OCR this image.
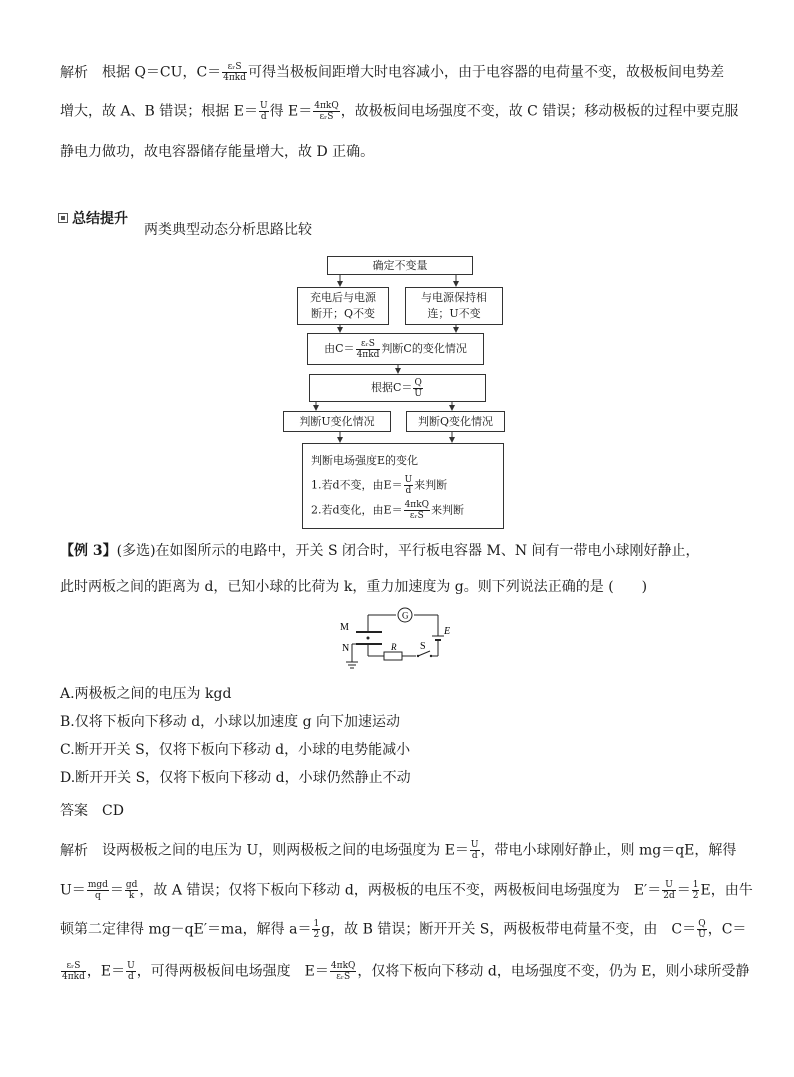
解析 根据 Q＝CU，$C= \frac{\text{εᵣS}}{\text{4πkd}}$ 可得当极板间距增大时电容减小，由于电容器的电荷量不变，故极板间电势差
增大，故 A、B 错误；根据 $E= \frac{U}{d}$ 得 $E= \frac{\text{4πkQ}}{\text{εᵣS}}$ ，故极板间电场强度不变，故 C 错误；移动极板的过程中要克服
静电力做功，故电容器储存能量增大，故 D 正确。
总结提升
两类典型动态分析思路比较
确定不变量
充电后与电源
断开；Q不变
与电源保持相
连；U不变
由$C= \frac{\text{εᵣS}}{\text{4πkd}}$ 判断C的变化情况
根据$C= \frac{Q}{U}$
判断U变化情况	判断Q变化情况
判断电场强度E的变化
1.若d不变，由$E= \frac{U}{d}$ 来判断
2.若d变化，由$E= \frac{\text{4πkQ}}{\text{εᵣS}}$ 来判断
【例 3】(多选)在如图所示的电路中，开关 S 闭合时，平行板电容器 M、N 间有一带电小球刚好静止，
此时两板之间的距离为 d，已知小球的比荷为 k，重力加速度为 g。则下列说法正确的是 (　　)
M
N
G
E
R S
A.两极板之间的电压为 kgd
B.仅将下板向下移动 d，小球以加速度 g 向下加速运动
C.断开开关 S，仅将下板向下移动 d，小球的电势能减小
D.断开开关 S，仅将下板向下移动 d，小球仍然静止不动
答案 CD
解析 设两极板之间的电压为 U，则两极板之间的电场强度为 $E= \frac{U}{d}$ ，带电小球刚好静止，则 mg＝qE，解得
$U= \frac{\text{mgd}}{q} = \frac{gd}{k}$ ，故 A 错误；仅将下板向下移动 d，两极板的电压不变，两极板间电场强度为　$E'= \frac{U}{2d} = \frac{1}{2}$ E，由牛
顿第二定律得 mg－qE′＝ma，解得 $a= \frac{1}{2}$ g，故 B 错误；断开开关 S，两极板带电荷量不变，由　$C= \frac{Q}{U}$ ，C＝
$\frac{\text{εᵣS}}{\text{4πkd}}$ ，$E= \frac{U}{d}$ ，可得两极板间电场强度　$E= \frac{\text{4πkQ}}{\text{εᵣS}}$ ，仅将下板向下移动 d，电场强度不变，仍为 E，则小球所受静
